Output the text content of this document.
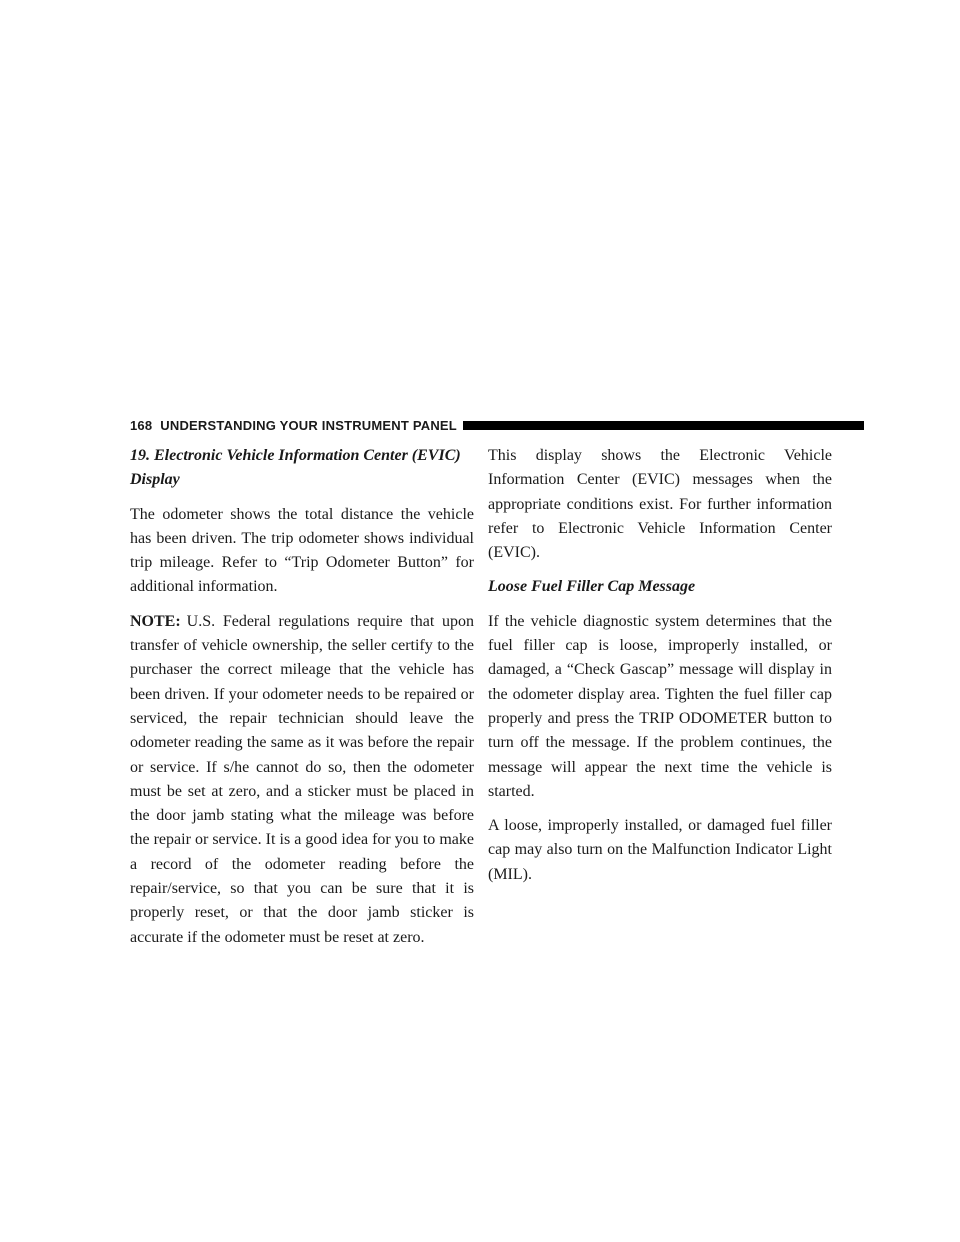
168 UNDERSTANDING YOUR INSTRUMENT PANEL

19. Electronic Vehicle Information Center (EVIC) Display

The odometer shows the total distance the vehicle has been driven. The trip odometer shows individual trip mileage. Refer to “Trip Odometer Button” for additional information.

NOTE: U.S. Federal regulations require that upon transfer of vehicle ownership, the seller certify to the purchaser the correct mileage that the vehicle has been driven. If your odometer needs to be repaired or serviced, the repair technician should leave the odometer reading the same as it was before the repair or service. If s/he cannot do so, then the odometer must be set at zero, and a sticker must be placed in the door jamb stating what the mileage was before the repair or service. It is a good idea for you to make a record of the odometer reading before the repair/service, so that you can be sure that it is properly reset, or that the door jamb sticker is accurate if the odometer must be reset at zero.

This display shows the Electronic Vehicle Information Center (EVIC) messages when the appropriate conditions exist. For further information refer to Electronic Vehicle Information Center (EVIC).

Loose Fuel Filler Cap Message

If the vehicle diagnostic system determines that the fuel filler cap is loose, improperly installed, or damaged, a “Check Gascap” message will display in the odometer display area. Tighten the fuel filler cap properly and press the TRIP ODOMETER button to turn off the message. If the problem continues, the message will appear the next time the vehicle is started.

A loose, improperly installed, or damaged fuel filler cap may also turn on the Malfunction Indicator Light (MIL).
